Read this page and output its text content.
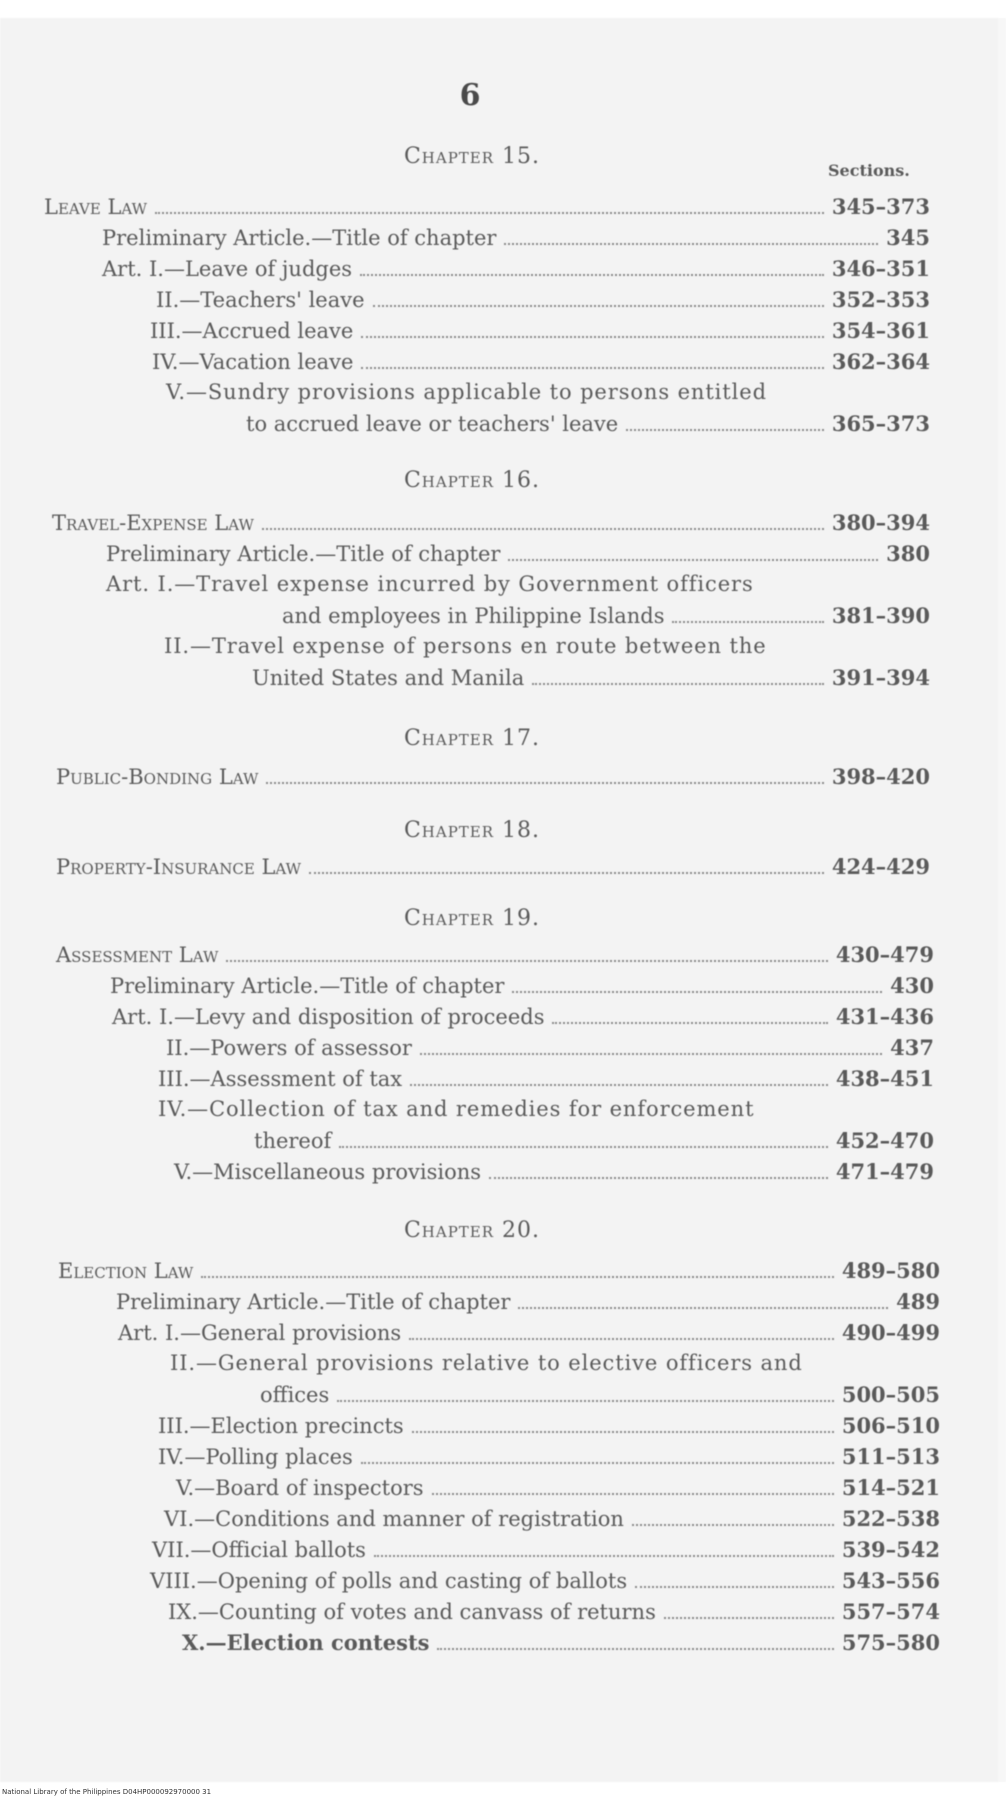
6
Sections.
Chapter 15.
Leave Law	345–373
Preliminary Article.—Title of chapter	345
Art. I.—Leave of judges	346–351
II.—Teachers' leave	352–353
III.—Accrued leave	354–361
IV.—Vacation leave	362–364
V.—Sundry provisions applicable to persons entitled
to accrued leave or teachers' leave	365–373
Chapter 16.
Travel-Expense Law	380–394
Preliminary Article.—Title of chapter	380
Art. I.—Travel expense incurred by Government officers
and employees in Philippine Islands	381–390
II.—Travel expense of persons en route between the
United States and Manila	391–394
Chapter 17.
Public-Bonding Law	398–420
Chapter 18.
Property-Insurance Law	424–429
Chapter 19.
Assessment Law	430–479
Preliminary Article.—Title of chapter	430
Art. I.—Levy and disposition of proceeds	431–436
II.—Powers of assessor	437
III.—Assessment of tax	438–451
IV.—Collection of tax and remedies for enforcement
thereof	452–470
V.—Miscellaneous provisions	471–479
Chapter 20.
Election Law	489–580
Preliminary Article.—Title of chapter	489
Art. I.—General provisions	490–499
II.—General provisions relative to elective officers and
offices	500–505
III.—Election precincts	506–510
IV.—Polling places	511–513
V.—Board of inspectors	514–521
VI.—Conditions and manner of registration	522–538
VII.—Official ballots	539–542
VIII.—Opening of polls and casting of ballots	543–556
IX.—Counting of votes and canvass of returns	557–574
X.—Election contests	575–580
National Library of the Philippines D04HP000092970000 31
